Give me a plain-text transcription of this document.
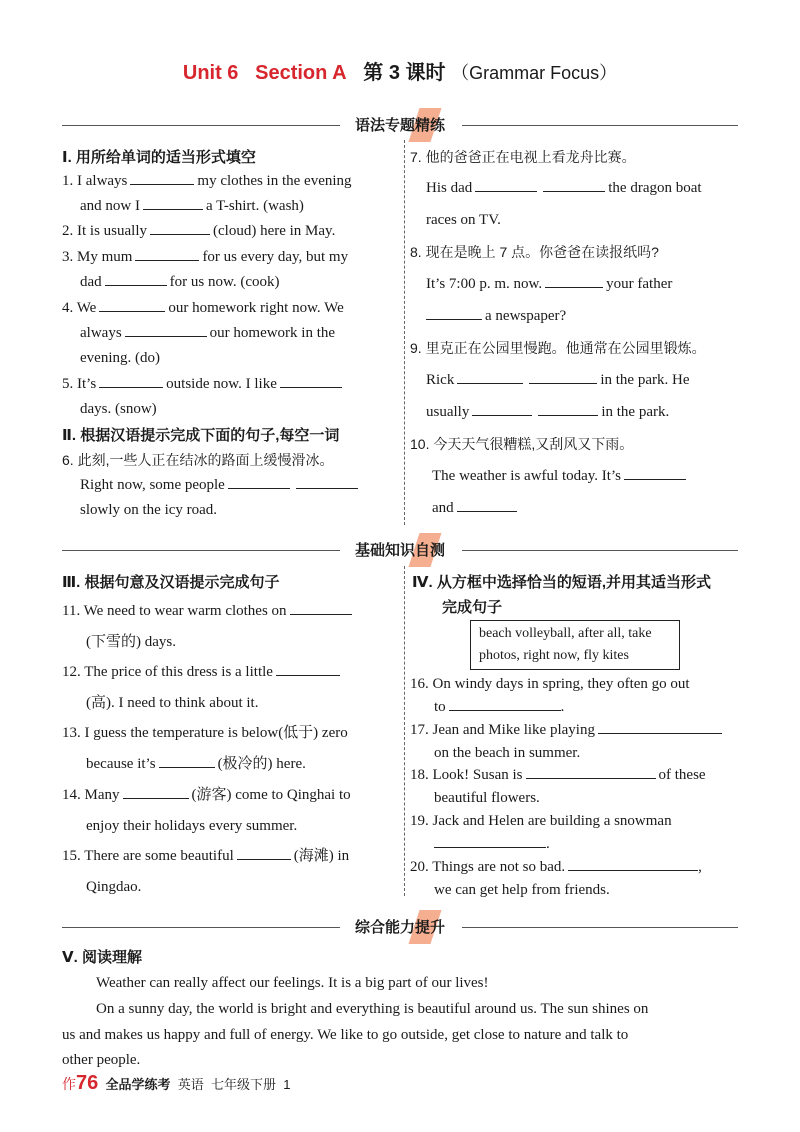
Unit 6 Section A 第 3 课时 （Grammar Focus）
语法专题精练
Ⅰ. 用所给单词的适当形式填空
1. I always	my clothes in the evening
and now I	a T-shirt. (wash)
2. It is usually	(cloud) here in May.
3. My mum	for us every day, but my
dad	for us now. (cook)
4. We	our homework right now. We
always	our homework in the
evening. (do)
5. It’s	outside now. I like
days. (snow)
Ⅱ. 根据汉语提示完成下面的句子,每空一词
6. 此刻,一些人正在结冰的路面上缓慢滑冰。
Right now, some people
slowly on the icy road.
7. 他的爸爸正在电视上看龙舟比赛。
His dad	the dragon boat
races on TV.
8. 现在是晚上 7 点。你爸爸在读报纸吗?
It’s 7:00 p. m. now.	your father
a newspaper?
9. 里克正在公园里慢跑。他通常在公园里锻炼。
Rick	in the park. He
usually	in the park.
10. 今天天气很糟糕,又刮风又下雨。
The weather is awful today. It’s
and
基础知识自测
Ⅲ. 根据句意及汉语提示完成句子
11. We need to wear warm clothes on
(下雪的) days.
12. The price of this dress is a little
(高). I need to think about it.
13. I guess the temperature is below(低于) zero
because it’s	(极冷的) here.
14. Many	(游客) come to Qinghai to
enjoy their holidays every summer.
15. There are some beautiful	(海滩) in
Qingdao.
Ⅳ. 从方框中选择恰当的短语,并用其适当形式
完成句子
beach volleyball, after all, take
photos, right now, fly kites
16. On windy days in spring, they often go out
to	.
17. Jean and Mike like playing
on the beach in summer.
18. Look! Susan is	of these
beautiful flowers.
19. Jack and Helen are building a snowman
.
20. Things are not so bad.	,
we can get help from friends.
综合能力提升
Ⅴ. 阅读理解
Weather can really affect our feelings. It is a big part of our lives!
On a sunny day, the world is bright and everything is beautiful around us. The sun shines on
us and makes us happy and full of energy. We like to go outside, get close to nature and talk to
other people.
作76 全品学练考 英语 七年级下册 1
